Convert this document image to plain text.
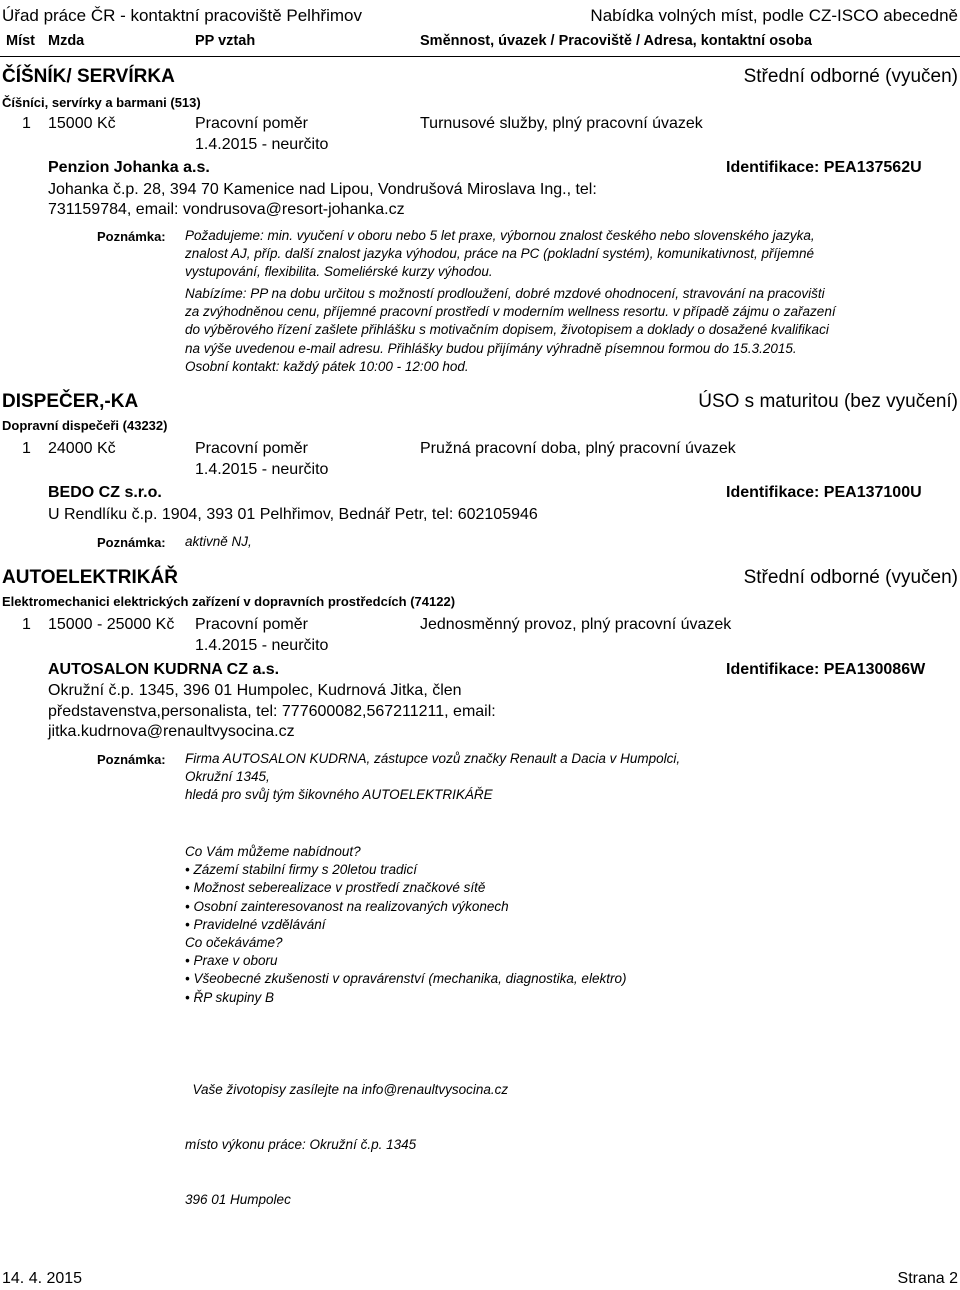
Úřad práce ČR - kontaktní pracoviště Pelhřimov	Nabídka volných míst, podle CZ-ISCO abecedně
Míst Mzda	PP vztah	Směnnost, úvazek / Pracoviště / Adresa, kontaktní osoba
ČÍŠNÍK/ SERVÍRKA	Střední odborné (vyučen)
Číšníci, servírky a barmani (513)
1 15000 Kč	Pracovní poměr	Turnusové služby, plný pracovní úvazek
1.4.2015 - neurčito
Penzion Johanka a.s.	Identifikace: PEA137562U
Johanka č.p. 28, 394 70 Kamenice nad Lipou, Vondrušová Miroslava Ing., tel:
731159784, email: vondrusova@resort-johanka.cz
Poznámka: Požadujeme: min. vyučení v oboru nebo 5 let praxe, výbornou znalost českého nebo slovenského jazyka,
znalost AJ, příp. další znalost jazyka výhodou, práce na PC (pokladní systém), komunikativnost, příjemné
vystupování, flexibilita. Someliérské kurzy výhodou.
Nabízíme: PP na dobu určitou s možností prodloužení, dobré mzdové ohodnocení, stravování na pracovišti
za zvýhodněnou cenu, příjemné pracovní prostředí v moderním wellness resortu. v případě zájmu o zařazení
do výběrového řízení zašlete přihlášku s motivačním dopisem, životopisem a doklady o dosažené kvalifikaci
na výše uvedenou e-mail adresu. Přihlášky budou přijímány výhradně písemnou formou do 15.3.2015.
Osobní kontakt: každý pátek 10:00 - 12:00 hod.
DISPEČER,-KA	ÚSO s maturitou (bez vyučení)
Dopravní dispečeři (43232)
1 24000 Kč	Pracovní poměr	Pružná pracovní doba, plný pracovní úvazek
1.4.2015 - neurčito
BEDO CZ s.r.o.	Identifikace: PEA137100U
U Rendlíku č.p. 1904, 393 01 Pelhřimov, Bednář Petr, tel: 602105946
Poznámka: aktivně NJ,
AUTOELEKTRIKÁŘ	Střední odborné (vyučen)
Elektromechanici elektrických zařízení v dopravních prostředcích (74122)
1 15000 - 25000 Kč Pracovní poměr	Jednosměnný provoz, plný pracovní úvazek
1.4.2015 - neurčito
AUTOSALON KUDRNA CZ a.s.	Identifikace: PEA130086W
Okružní č.p. 1345, 396 01 Humpolec, Kudrnová Jitka, člen
představenstva,personalista, tel: 777600082,567211211, email:
jitka.kudrnova@renaultvysocina.cz
Poznámka: Firma AUTOSALON KUDRNA, zástupce vozů značky Renault a Dacia v Humpolci,
Okružní 1345,
hledá pro svůj tým šikovného AUTOELEKTRIKÁŘE
Co Vám můžeme nabídnout?
• Zázemí stabilní firmy s 20letou tradicí
• Možnost seberealizace v prostředí značkové sítě
• Osobní zainteresovanost na realizovaných výkonech
• Pravidelné vzdělávání
Co očekáváme?
• Praxe v oboru
• Všeobecné zkušenosti v opravárenství (mechanika, diagnostika, elektro)
• ŘP skupiny B

Vaše životopisy zasílejte na info@renaultvysocina.cz

místo výkonu práce: Okružní č.p. 1345

396 01 Humpolec

14. 4. 2015	Strana 2
